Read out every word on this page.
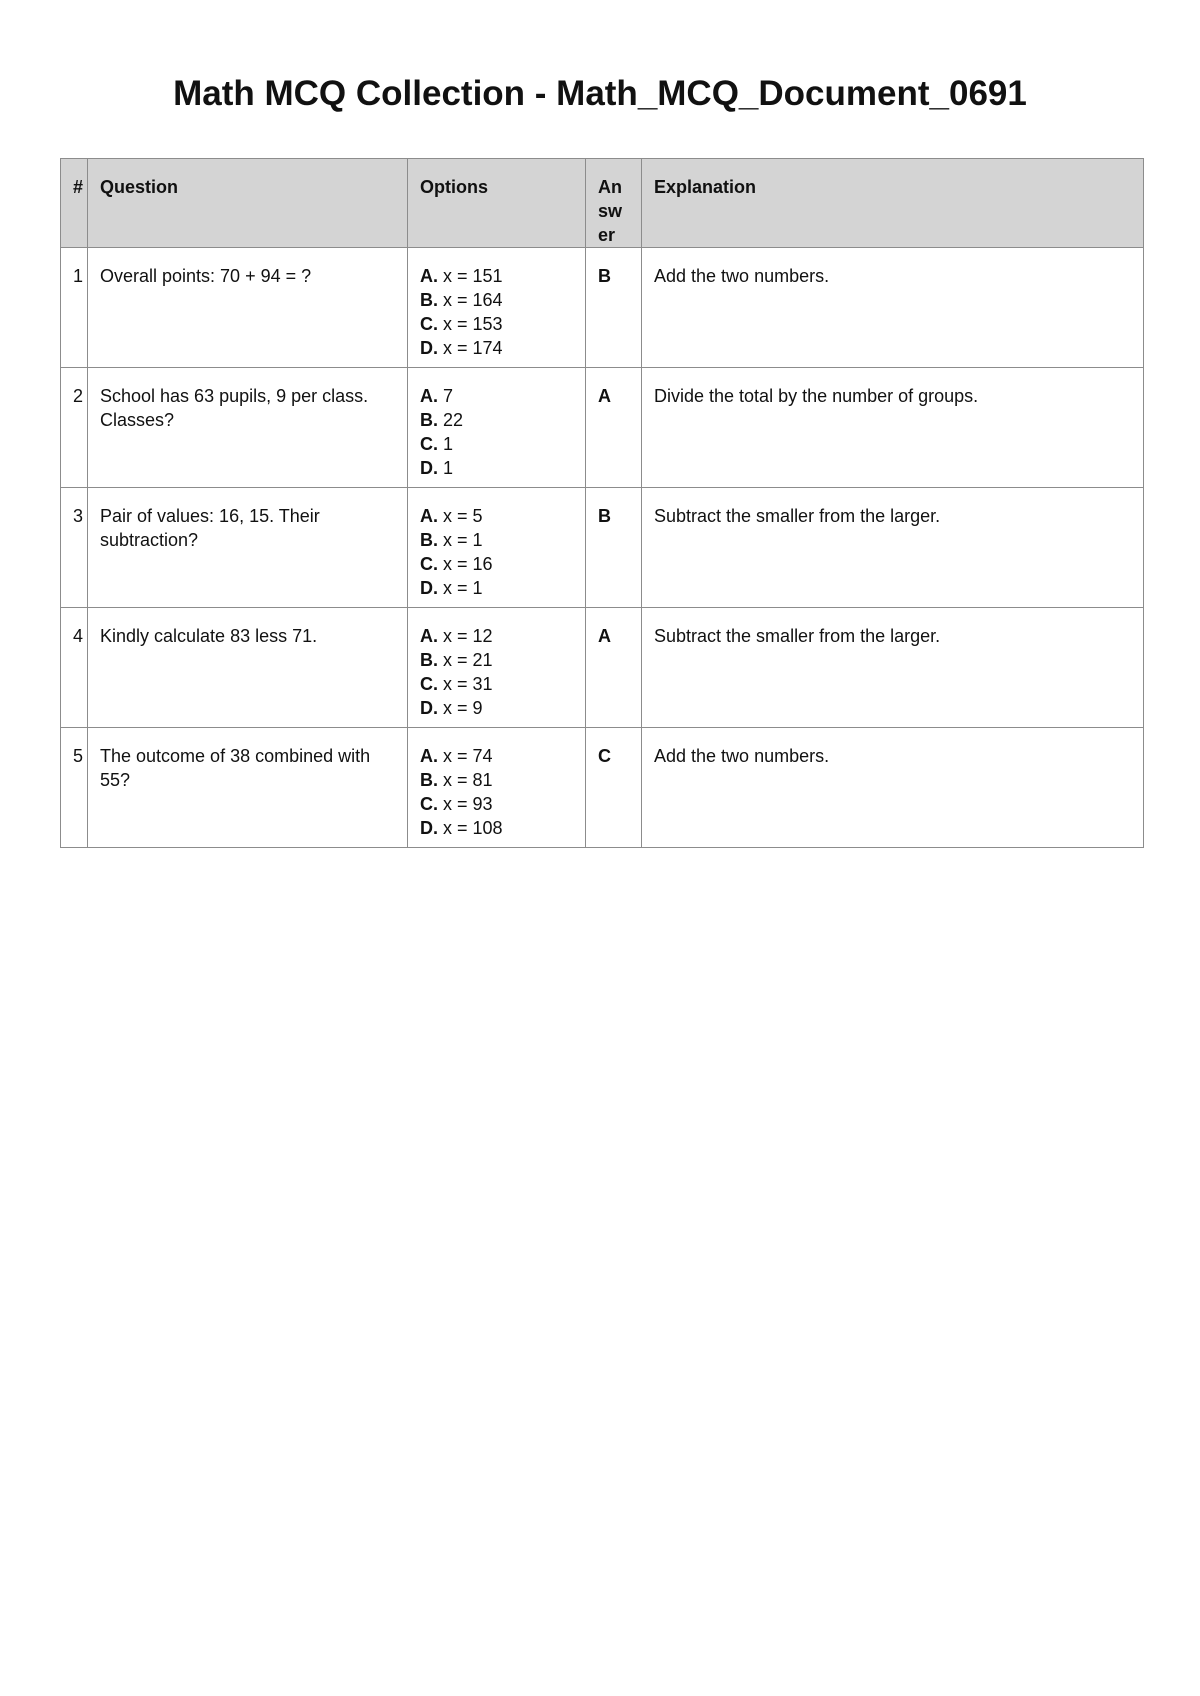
Math MCQ Collection - Math_MCQ_Document_0691
#	Question	Options	Answer	Explanation
1	Overall points: 70 + 94 = ?	A. x = 151
B. x = 164
C. x = 153
D. x = 174	B	Add the two numbers.
2	School has 63 pupils, 9 per class. Classes?	A. 7
B. 22
C. 1
D. 1	A	Divide the total by the number of groups.
3	Pair of values: 16, 15. Their subtraction?	A. x = 5
B. x = 1
C. x = 16
D. x = 1	B	Subtract the smaller from the larger.
4	Kindly calculate 83 less 71.	A. x = 12
B. x = 21
C. x = 31
D. x = 9	A	Subtract the smaller from the larger.
5	The outcome of 38 combined with 55?	A. x = 74
B. x = 81
C. x = 93
D. x = 108	C	Add the two numbers.
